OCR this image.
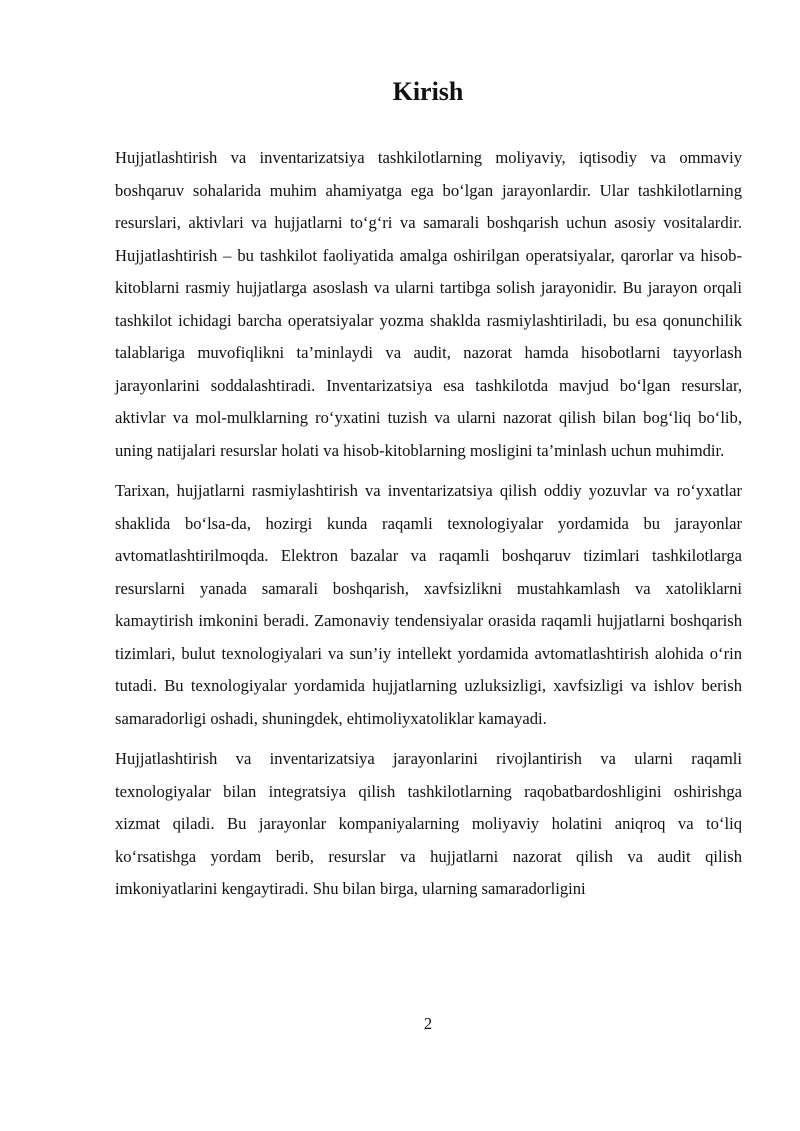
Kirish

Hujjatlashtirish va inventarizatsiya tashkilotlarning moliyaviy, iqtisodiy va ommaviy boshqaruv sohalarida muhim ahamiyatga ega bo‘lgan jarayonlardir. Ular tashkilotlarning resurslari, aktivlari va hujjatlarni to‘g‘ri va samarali boshqarish uchun asosiy vositalardir. Hujjatlashtirish – bu tashkilot faoliyatida amalga oshirilgan operatsiyalar, qarorlar va hisob-kitoblarni rasmiy hujjatlarga asoslash va ularni tartibga solish jarayonidir. Bu jarayon orqali tashkilot ichidagi barcha operatsiyalar yozma shaklda rasmiylashtiriladi, bu esa qonunchilik talablariga muvofiqlikni ta’minlaydi va audit, nazorat hamda hisobotlarni tayyorlash jarayonlarini soddalashtiradi. Inventarizatsiya esa tashkilotda mavjud bo‘lgan resurslar, aktivlar va mol-mulklarning ro‘yxatini tuzish va ularni nazorat qilish bilan bog‘liq bo‘lib, uning natijalari resurslar holati va hisob-kitoblarning mosligini ta’minlash uchun muhimdir.

Tarixan, hujjatlarni rasmiylashtirish va inventarizatsiya qilish oddiy yozuvlar va ro‘yxatlar shaklida bo‘lsa-da, hozirgi kunda raqamli texnologiyalar yordamida bu jarayonlar avtomatlashtirilmoqda. Elektron bazalar va raqamli boshqaruv tizimlari tashkilotlarga resurslarni yanada samarali boshqarish, xavfsizlikni mustahkamlash va xatoliklarni kamaytirish imkonini beradi. Zamonaviy tendensiyalar orasida raqamli hujjatlarni boshqarish tizimlari, bulut texnologiyalari va sun’iy intellekt yordamida avtomatlashtirish alohida o‘rin tutadi. Bu texnologiyalar yordamida hujjatlarning uzluksizligi, xavfsizligi va ishlov berish samaradorligi oshadi, shuningdek, ehtimoliyxatoliklar kamayadi.

Hujjatlashtirish va inventarizatsiya jarayonlarini rivojlantirish va ularni raqamli texnologiyalar bilan integratsiya qilish tashkilotlarning raqobatbardoshligini oshirishga xizmat qiladi. Bu jarayonlar kompaniyalarning moliyaviy holatini aniqroq va to‘liq ko‘rsatishga yordam berib, resurslar va hujjatlarni nazorat qilish va audit qilish imkoniyatlarini kengaytiradi. Shu bilan birga, ularning samaradorligini

2
